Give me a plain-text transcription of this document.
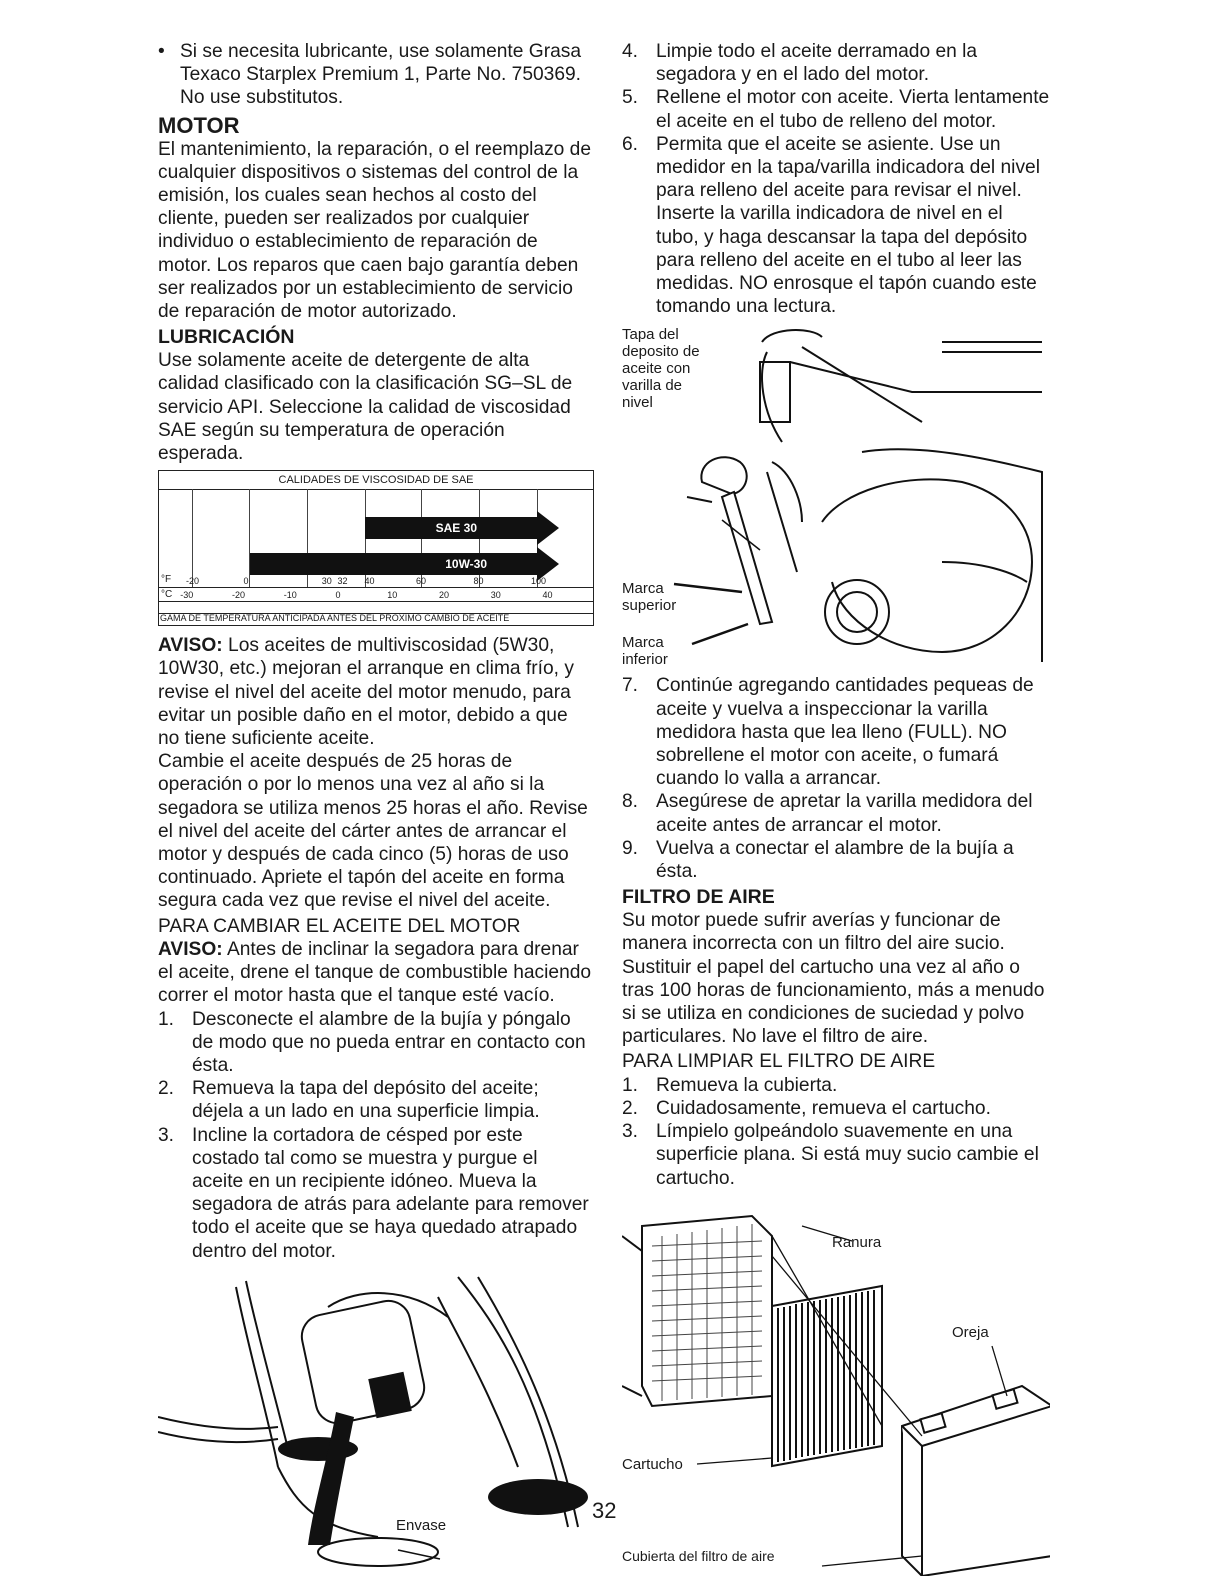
• Si se necesita lubricante, use solamente Grasa Texaco Starplex Premium 1, Parte No. 750369. No use substitutos.

MOTOR

El mantenimiento, la reparación, o el reemplazo de cualquier dispositivos o sistemas del control de la emisión, los cuales sean hechos al costo del cliente, pueden ser realizados por cualquier individuo o establecimiento de reparación de motor. Los reparos que caen bajo garantía deben ser realizados por un establecimiento de servicio de reparación de motor autorizado.

LUBRICACIÓN

Use solamente aceite de detergente de alta calidad clasificado con la clasificación SG–SL de servicio API. Seleccione la calidad de viscosidad SAE según su temperatura de operación esperada.

CALIDADES DE VISCOSIDAD DE SAE
SAE 30
10W-30
°F -20	0	30 32 40	60	80	100
°C -30	-20	-10	0	10	20	30	40
GAMA DE TEMPERATURA ANTICIPADA ANTES DEL PROXIMO CAMBIO DE ACEITE

AVISO: Los aceites de multiviscosidad (5W30, 10W30, etc.) mejoran el arranque en clima frío, y revise el nivel del aceite del motor menudo, para evitar un posible daño en el motor, debido a que no tiene suficiente aceite.

Cambie el aceite después de 25 horas de operación o por lo menos una vez al año si la segadora se utiliza menos 25 horas el año. Revise el nivel del aceite del cárter antes de arrancar el motor y después de cada cinco (5) horas de uso continuado. Apriete el tapón del aceite en forma segura cada vez que revise el nivel del aceite.

PARA CAMBIAR EL ACEITE DEL MOTOR

AVISO: Antes de inclinar la segadora para drenar el aceite, drene el tanque de combustible haciendo correr el motor hasta que el tanque esté vacío.

1. Desconecte el alambre de la bujía y póngalo de modo que no pueda entrar en contacto con ésta.

2. Remueva la tapa del depósito del aceite; déjela a un lado en una superficie limpia.

3. Incline la cortadora de césped por este costado tal como se muestra y purgue el aceite en un recipiente idóneo. Mueva la segadora de atrás para adelante para remover todo el aceite que se haya quedado atrapado dentro del motor.

Envase

4. Limpie todo el aceite derramado en la segadora y en el lado del motor.

5. Rellene el motor con aceite. Vierta lentamente el aceite en el tubo de relleno del motor.

6. Permita que el aceite se asiente. Use un medidor en la tapa/varilla indicadora del nivel para relleno del aceite para revisar el nivel. Inserte la varilla indicadora de nivel en el tubo, y haga descansar la tapa del depósito para relleno del aceite en el tubo al leer las medidas. NO enrosque el tapón cuando este tomando una lectura.

Tapa del deposito de aceite con varilla de nivel
Marca superior
Marca inferior

7. Continúe agregando cantidades pequeas de aceite y vuelva a inspeccionar la varilla medidora hasta que lea lleno (FULL). NO sobrellene el motor con aceite, o fumará cuando lo valla a arrancar.

8. Asegúrese de apretar la varilla medidora del aceite antes de arrancar el motor.

9. Vuelva a conectar el alambre de la bujía a ésta.

FILTRO DE AIRE

Su motor puede sufrir averías y funcionar de manera incorrecta con un filtro del aire sucio. Sustituir el papel del cartucho una vez al año o tras 100 horas de funcionamiento, más a menudo si se utiliza en condiciones de suciedad y polvo particulares. No lave el filtro de aire.

PARA LIMPIAR EL FILTRO DE AIRE

1. Remueva la cubierta.

2. Cuidadosamente, remueva el cartucho.

3. Límpielo golpeándolo suavemente en una superficie plana. Si está muy sucio cambie el cartucho.

Ranura
Oreja
Cartucho
Cubierta del filtro de aire
32
